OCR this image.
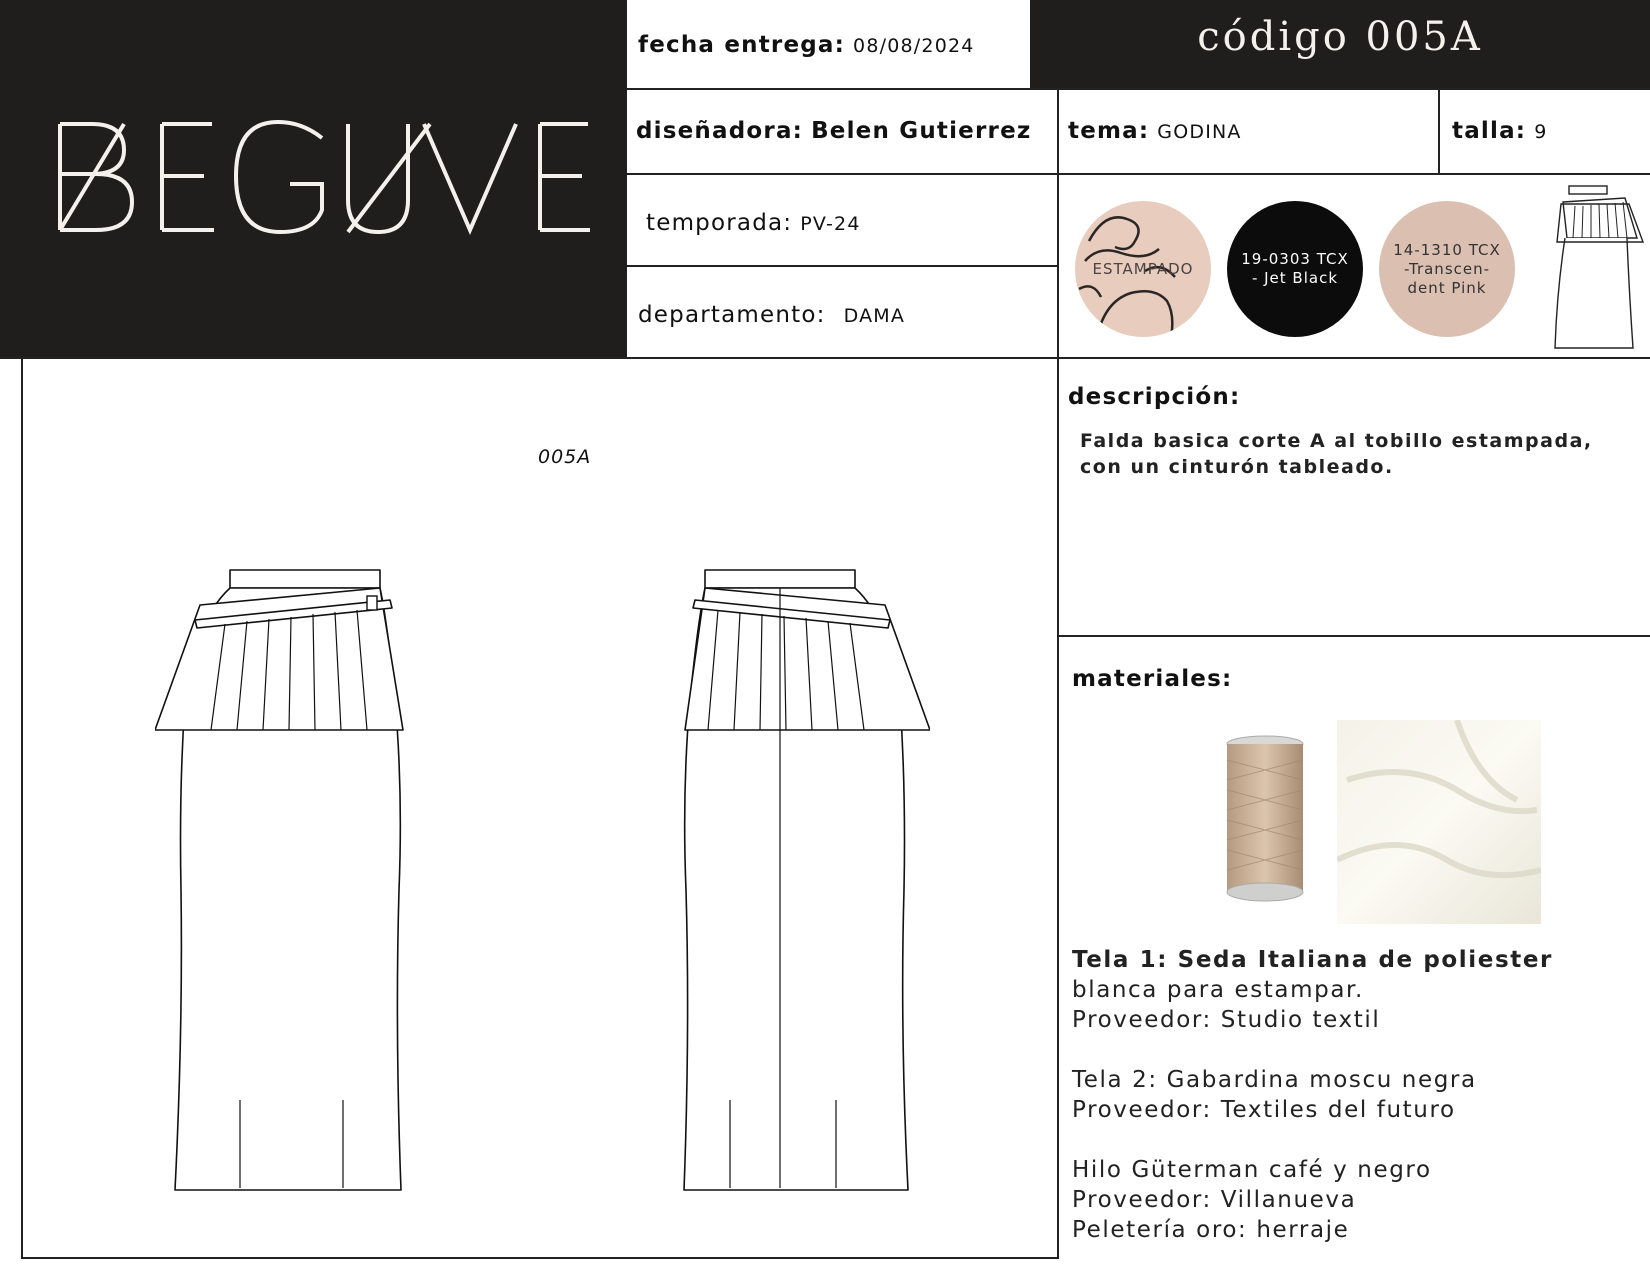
código 005A
fecha entrega: 08/08/2024
diseñadora: Belen Gutierrez tema: GODINA	talla: 9
temporada: PV-24
departamento: DAMA
ESTAMPADO
19-0303 TCX
- Jet Black
14-1310 TCX
-Transcen-
dent Pink
descripción:
Falda basica corte A al tobillo estampada,
con un cinturón tableado.
materiales:
Tela 1: Seda Italiana de poliester
blanca para estampar.
Proveedor: Studio textil
Tela 2: Gabardina moscu negra
Proveedor: Textiles del futuro
Hilo Güterman café y negro
Proveedor: Villanueva
Peletería oro: herraje
005A
